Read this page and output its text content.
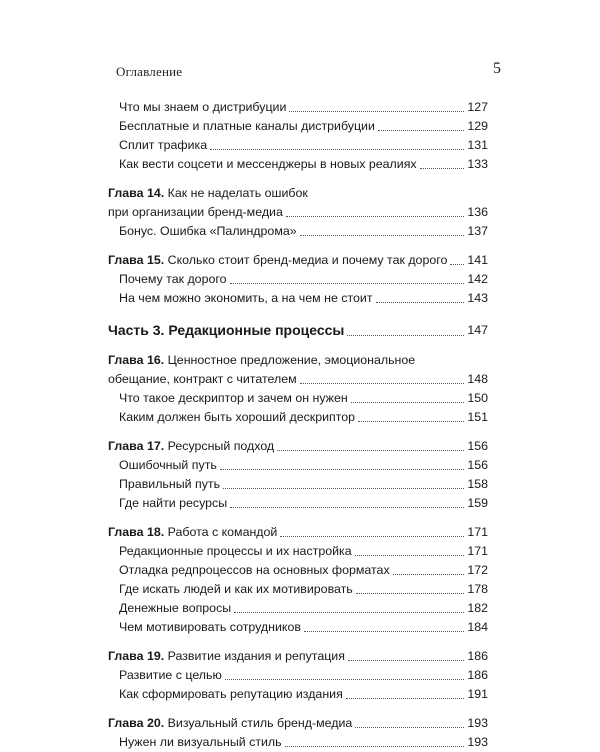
Оглавление	5
Что мы знаем о дистрибуции	127
Бесплатные и платные каналы дистрибуции	129
Сплит трафика	131
Как вести соцсети и мессенджеры в новых реалиях	133
Глава 14. Как не наделать ошибок
при организации бренд-медиа	136
Бонус. Ошибка «Палиндрома»	137
Глава 15. Сколько стоит бренд-медиа и почему так дорого 141
Почему так дорого	142
На чем можно экономить, а на чем не стоит	143
Часть 3. Редакционные процессы	147
Глава 16. Ценностное предложение, эмоциональное
обещание, контракт с читателем	148
Что такое дескриптор и зачем он нужен	150
Каким должен быть хороший дескриптор	151
Глава 17. Ресурсный подход	156
Ошибочный путь	156
Правильный путь	158
Где найти ресурсы	159
Глава 18. Работа с командой	171
Редакционные процессы и их настройка	171
Отладка редпроцессов на основных форматах	172
Где искать людей и как их мотивировать	178
Денежные вопросы	182
Чем мотивировать сотрудников	184
Глава 19. Развитие издания и репутация	186
Развитие с целью	186
Как сформировать репутацию издания	191
Глава 20. Визуальный стиль бренд-медиа	193
Нужен ли визуальный стиль	193
